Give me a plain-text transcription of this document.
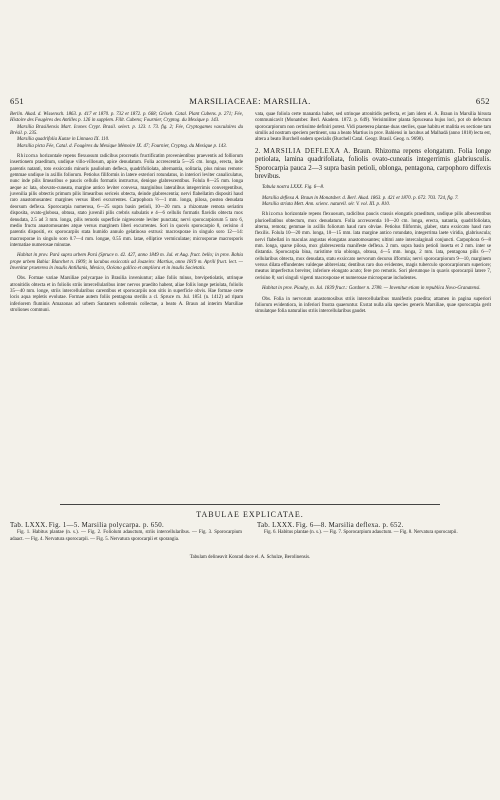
651	MARSILIACEAE: MARSILIA.	652

Berlin. Akad. d. Wissensch. 1863. p. 417 et 1870. p. 732 et 1872. p. 668; Griseb. Catal. Plant Cubens. p. 271; Fée, Histoire des Fougères des Antilles p. 126 in supplem. Fillt. Cubens; Fournier, Cryptog. du Mexique p. 143.

Marsilia Brasiliensis Mart. Icones Crypt. Brasil. select. p. 123. t. 73. fig. 2; Fée, Cryptogames vasculaires du Brésil. p. 235.

Marsilia quadrifolia Kunze in Linnaea IX. 110.

Marsilia picta Fée, Catal. d. Fougères du Mexique Mémoire IX. 47; Fournier, Cryptog. du Mexique p. 143.

Rhizoma horizontale repens flexuosum radicibus procreatis fructificatim provenientibus praeventis ad folliorum insertionem praeditum, undique villo-villosum, apice denudatum. Folia accrescentia 5—25 cm. longa, erecta, inde parentis natanti, toto exsiccatis minoris pauliolum defleca, quadrifoliolata, alternantia, solitaria, plus minus remote: gemmae undique in axillis foliorum. Petiolus filiformis in latere exteriori rotundatus, in interiori leviter canaliculatus, nunc inde pilis limearibus e paucis cellulis formatis instructus, denique glabrescentibus. Folula 8—25 mm. longa aeque ac lata, obovato-cuneata, margine antico leviter convexa, marginibus lateralibus integerrimis convergentibus, juvenilia pilis obtectis primum pilis limearibus sericeis obtecta, deinde glabrescentia; nervi flabellatim dispositi haud raro anastomosantes: margines versus liberi excurrentes. Carpophora ½—1 mm. longa, pilosa, postea denudata deorsum deflexa. Sporocarpia numerosa, 6—25 supra basin petioli, 10—20 mm. a rhizomate remota seriatim disposita, ovato-globosa, obtusa, stato juvenili pilis crebris subulatis e 4—6 cellulis formatis flavidis obtecta mox denudata, 2.5 ad 3 mm. longa, pilis remotis superficie nigrescente leviter punctata; nervi sporocarpiorum 5 raro 6, medio fructu anastomosantes atque versus marginem liberi excurrentes. Sori in quovis sporocarpio 8, cerisino 4 parentis dispositi, ex sporocarpiis stata humido annulo gelatinoso extrusi: macrosporae in singulo soro 12—14: macrosporae in singulo soro 0.7—4 mm. longae, 0.55 mm. latae, elliptice vermiculatae; microsporae macrosporis internatiae numerosae minutae.

Habitat in prov. Pará supra urbem Pará (Spruce n. 42. 427, anno 1849 m. Jul. et Aug. fruct. bello; in prov. Bahia prope urbem Bahia: Blanchet n. 1809; in lacubus exsiccatis ad Joazeiro: Martius, anno 1819 m. Aprili fruct. lect. — Invenitur praeterea in insulis Antillanis, Mexico, Océano gallico et ampliora et in insulis Societatis.

Obs. Formae variae Marsiliae polycarpae in Brasilia inveniuntur; aliae foliis minus, brevipetiolatis, utrinque atronitidis obtecta et in foliolis striis intercellularibus inter nervos praedito habent, aliae foliis longe petiolata, foliolis 35—40 mm. longe, striis intercellularibus carentibus et sporocarpiis non sitis in superficie obvis. Hae formae certe locis aqua repletis evolutae. Formae autem foliis pentagona sterilis a cl. Spruce m. Jul. 1851 (n. 1412) ad ripam inferiorem fluminis Amazonas ad urbem Santarem sollemnis collectae, a beato A. Braun ad interim Marsiliae stroliones communi.

vata, quae foliola certe manantia habet, sed utrinque atronitidis perfecta, et jam idem el. A. Braun in Marsilia hirsuta communicavit (Monatsber. Berl. Akadem. 1872. p. 649). Verisimiliter planta Spruceana hujus loci, pot ob defectum sporocarpiorum non certissime definiri potest. Vidi praeterea plantae duas steriles, quae habitu et malitia ex sectione tam similis ad nostram speciem pertinent, una a beato Martius in prov. Bahiensi in lacubus ad Malhadá (anno 1818) lecta est, altera a beato Burchell eadem specialis (Burchell Catal. Geogr. Brasil. Geog. n. 9698).

2. MARSILIA DEFLEXA A. Braun. Rhizoma repens elongatum. Folia longe petiolata, lamina quadrifoliata, foliolis ovato-cuneatis integerrimis glabriusculis. Sporocarpia pauca 2—3 supra basin petioli, oblonga, pentagona, carpophoro diffexis brevibus.

Tabula nostra LXXX. Fig. 6—8.

Marsilia deflexa A. Braun in Monatsber. d. Berl. Akad. 1863. p. 421 et 1870. p. 672. 703. 724, fig. 7.

Marsilia striata Mett. Ann. scienc. naturell. sér. V. vol. III. p. 810.

Rhizoma horizontale repens flexuosum, radicibus paucis crassis elongatis praeditum, undique pilis albescentibus plurioellatibus obtectum, mox denudatum. Folia accrescentia 10—20 cm. longa, erecta, natantia, quadrifoliolata, alterna, remota; gemmae in axillis foliorum haud raro obviae. Petiolus filiformis, glaber, statu exsiccato haud raro flexilis. Folula 10—20 mm. longa, 10—15 mm. lata margine antico rotundato, integerrima laete viridia, glabriuscula; nervi flabellati in maculas angustas elongatas anastomosantes; ultimi ante intercalaginali conjuncti. Carpophora 6—8 mm. longa, sparse pilosa, mox glabrescentia manifeste deflexa. 2 mm. supra basin petioli inserta et 2 mm. inter se distantia. Sporocarpia bina, raristime tria oblonga, obtusa, 4—5 mm. longa, 2 mm. lata, pentagona pilis 6—7 cellularibus obtecta, mox denudata, statu exsiccato nervorum decursu ifformia; nervi sporocarpiorum 9—10, marginem versus dilata effundentes valdeque abbreviata; dentibus raro duo evidentes, magis tuberculo sporocarpiorum superiore; meatus imperfectus breviter, inferiore elongato acuto; fere pro remotis. Sori plerumque in quavis sporocarpii latere 7, cerisino 8; sori singuli vigenti macrosporae et numerosae microsporae includentes.

Habitat in prov. Piauhy, m. Jul. 1839 fruct.: Gardner n. 2780. — Invenitur etiam in republica Novo-Granatensi.

Obs. Folia in nervorum anastomosibus striis intercellularibus manifestis praedita; attamen in pagina superiori foliorum evidentiora, in inferiori frustra quaeruntur. Exstat nulla alia species generis Marsiliae, quae sporocarpia gerit simulatque folia naturalius striis intercellularibus gaudet.

TABULAE EXPLICATAE.

Tab. LXXX. Fig. 1—5. Marsilia polycarpa. p. 650.

Fig. 1. Habitus plantae (n. s.). — Fig. 2. Foliolum adauctum, striis intercellularibus. — Fig. 3. Sporocarpium adaact. — Fig. 4. Nervatura sporocarpii. — Fig. 5. Nervatura sporocarpii et sporangia.

Tab. LXXX. Fig. 6—8. Marsilia deflexa. p. 652.

Fig. 6. Habitus plantae (n. s.). — Fig. 7. Sporocarpium adauctum. — Fig. 8. Nervatura sporocarpii.

Tabulam delineavit Konrad duce el. A. Schulze, Berolinensis.
